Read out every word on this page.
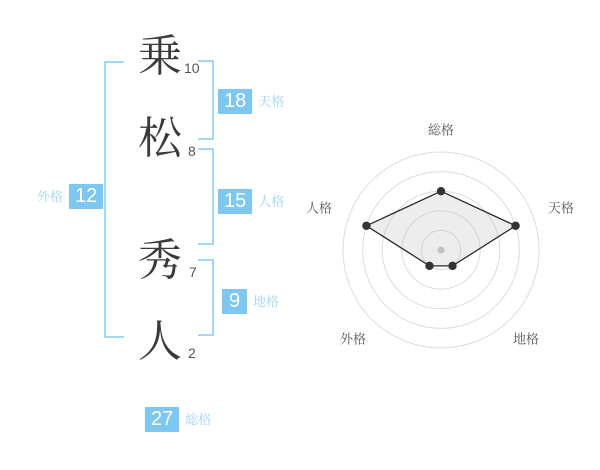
乗
松
秀
人
10
8
7
2
18 天格
15 人格
9 地格
外格 12
27 総格
総格
天格
地格
外格
人格
